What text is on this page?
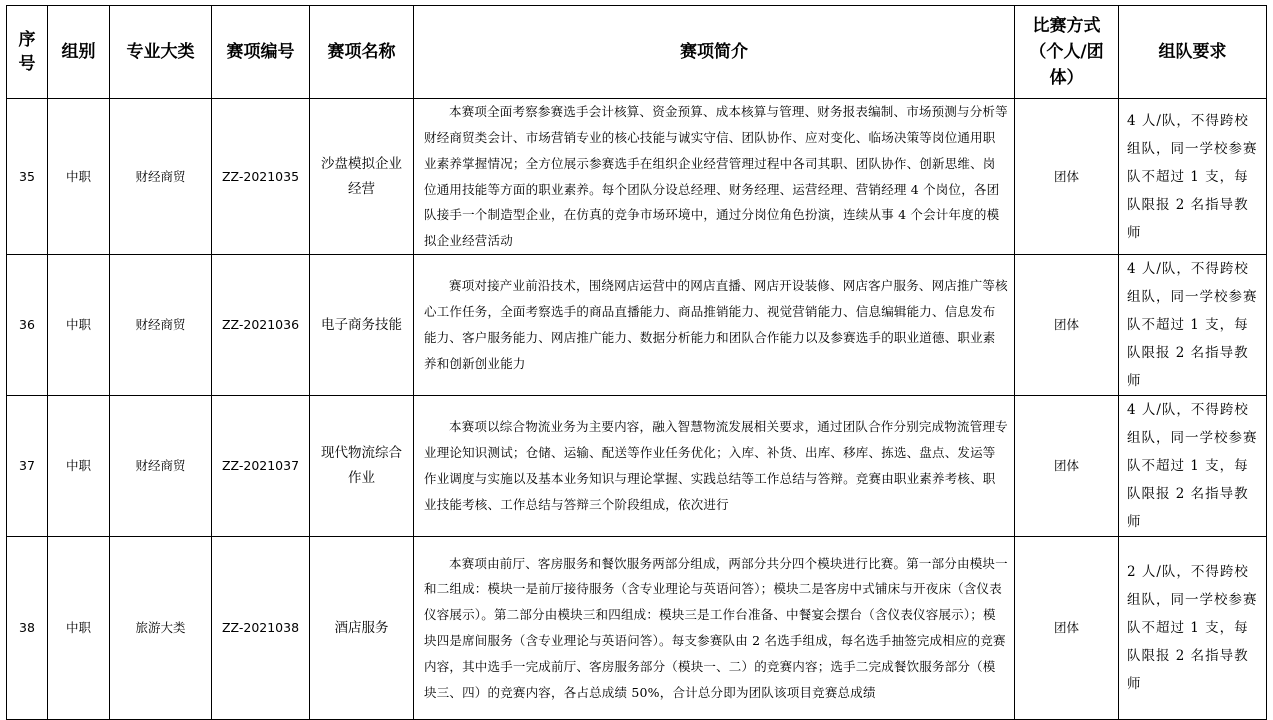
序号	组别	专业大类	赛项编号	赛项名称	赛项简介	比赛方式（个人/团体）	组队要求
35	中职	财经商贸	ZZ-2021035	沙盘模拟企业经营	本赛项全面考察参赛选手会计核算、资金预算、成本核算与管理、财务报表编制、市场预测与分析等财经商贸类会计、市场营销专业的核心技能与诚实守信、团队协作、应对变化、临场决策等岗位通用职业素养掌握情况；全方位展示参赛选手在组织企业经营管理过程中各司其职、团队协作、创新思维、岗位通用技能等方面的职业素养。每个团队分设总经理、财务经理、运营经理、营销经理 4 个岗位，各团队接手一个制造型企业，在仿真的竞争市场环境中，通过分岗位角色扮演，连续从事 4 个会计年度的模拟企业经营活动	团体	4 人/队，不得跨校组队，同一学校参赛队不超过 1 支，每队限报 2 名指导教师
36	中职	财经商贸	ZZ-2021036	电子商务技能	赛项对接产业前沿技术，围绕网店运营中的网店直播、网店开设装修、网店客户服务、网店推广等核心工作任务，全面考察选手的商品直播能力、商品推销能力、视觉营销能力、信息编辑能力、信息发布能力、客户服务能力、网店推广能力、数据分析能力和团队合作能力以及参赛选手的职业道德、职业素养和创新创业能力	团体	4 人/队，不得跨校组队，同一学校参赛队不超过 1 支，每队限报 2 名指导教师
37	中职	财经商贸	ZZ-2021037	现代物流综合作业	本赛项以综合物流业务为主要内容，融入智慧物流发展相关要求，通过团队合作分别完成物流管理专业理论知识测试；仓储、运输、配送等作业任务优化；入库、补货、出库、移库、拣选、盘点、发运等作业调度与实施以及基本业务知识与理论掌握、实践总结等工作总结与答辩。竞赛由职业素养考核、职业技能考核、工作总结与答辩三个阶段组成，依次进行	团体	4 人/队，不得跨校组队，同一学校参赛队不超过 1 支，每队限报 2 名指导教师
38	中职	旅游大类	ZZ-2021038	酒店服务	本赛项由前厅、客房服务和餐饮服务两部分组成，两部分共分四个模块进行比赛。第一部分由模块一和二组成：模块一是前厅接待服务（含专业理论与英语问答）；模块二是客房中式铺床与开夜床（含仪表仪容展示）。第二部分由模块三和四组成：模块三是工作台准备、中餐宴会摆台（含仪表仪容展示）；模块四是席间服务（含专业理论与英语问答）。每支参赛队由 2 名选手组成，每名选手抽签完成相应的竞赛内容，其中选手一完成前厅、客房服务部分（模块一、二）的竞赛内容；选手二完成餐饮服务部分（模块三、四）的竞赛内容，各占总成绩 50%，合计总分即为团队该项目竞赛总成绩	团体	2 人/队，不得跨校组队，同一学校参赛队不超过 1 支，每队限报 2 名指导教师
